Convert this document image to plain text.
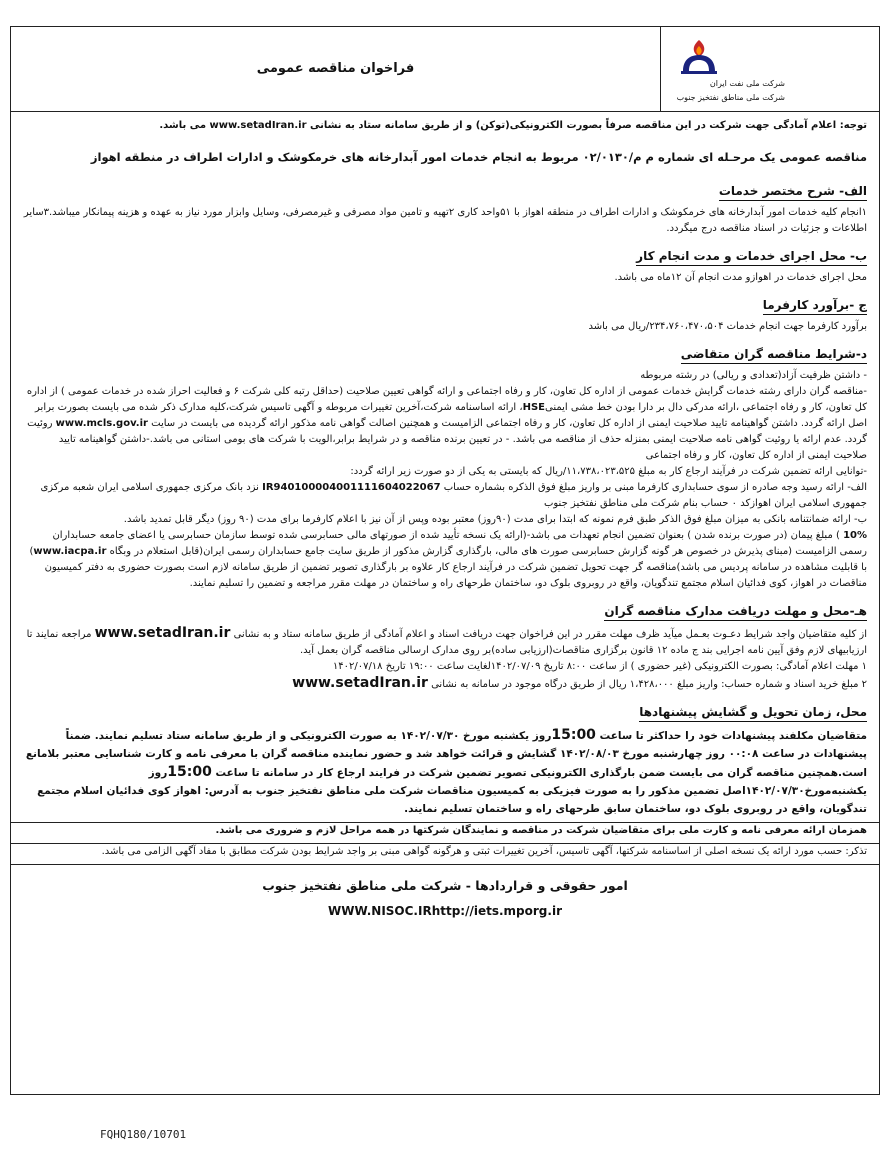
فراخوان مناقصه عمومی
شرکت ملی نفت ایران
شرکت ملی مناطق نفتخیز جنوب

توجه: اعلام آمادگی جهت شرکت در این مناقصه صرفاً بصورت الکترونیکی(توکن) و از طریق سامانه ستاد به نشانی www.setadIran.ir می باشد.

مناقصه عمومی یک مرحـله ای شماره م م/۰۲/۰۱۳۰ مربوط به انجام خدمات امور آبدارخانه های خرمکوشک و ادارات اطراف در منطقه اهواز

الف- شرح مختصر خدمات

۱انجام کلیه خدمات امور آبدارخانه های خرمکوشک و ادارات اطراف در منطقه اهواز با ۵۱واحد کاری ۲تهیه و تامین مواد مصرفی و غیرمصرفی، وسایل وابزار مورد نیاز به عهده و هزینه پیمانکار میباشد.۳سایر اطلاعات و جزئیات در اسناد مناقصه درج میگردد.

ب- محل اجرای خدمات و مدت انجام کار

محل اجرای خدمات در اهوازو مدت انجام آن ۱۲ماه می باشد.

ج -برآورد کارفرما

برآورد کارفرما جهت انجام خدمات ۲۳۴،۷۶۰،۴۷۰،۵۰۴/ریال می باشد

د-شرایط مناقصه گران متقاضی

- داشتن ظرفیت آزاد(تعدادی و ریالی) در رشته مربوطه

-مناقصه گران دارای رشته خدمات گرایش خدمات عمومی از اداره کل تعاون، کار و رفاه اجتماعی و ارائه گواهی تعیین صلاحیت (حداقل رتبه کلی شرکت ۶ و فعالیت احراز شده در خدمات عمومی ) از اداره کل تعاون، کار و رفاه اجتماعی ،ارائه مدرکی دال بر دارا بودن خط مشی ایمنیHSE، ارائه اساسنامه شرکت،آخرین تغییرات مربوطه و آگهی تاسیس شرکت،کلیه مدارک ذکر شده می بایست بصورت برابر اصل ارائه گردد. داشتن گواهینامه تایید صلاحیت ایمنی از اداره کل تعاون، کار و رفاه اجتماعی الزامیست و همچنین اصالت گواهی نامه مذکور ارائه گردیده می بایست در سایت www.mcls.gov.ir روئیت گردد. عدم ارائه یا روئیت گواهی نامه صلاحیت ایمنی بمنزله حذف از مناقصه می باشد. - در تعیین برنده مناقصه و در شرایط برابر،الویت با شرکت های بومی استانی می باشد.-داشتن گواهینامه تایید صلاحیت ایمنی از اداره کل تعاون، کار و رفاه اجتماعی

-توانایی ارائه تضمین شرکت در فرآیند ارجاع کار به مبلغ ۱۱،۷۳۸،۰۲۳،۵۲۵/ریال که بایستی به یکی از دو صورت زیر ارائه گردد:

الف- ارائه رسید وجه صادره از سوی حسابداری کارفرما مبنی بر واریز مبلغ فوق الذکره بشماره حساب IR940100004001111604022067 نزد بانک مرکزی جمهوری اسلامی ایران شعبه مرکزی جمهوری اسلامی ایران اهوازکد ۰ حساب بنام شرکت ملی مناطق نفتخیز جنوب

ب- ارائه ضمانتنامه بانکی به میزان مبلغ فوق الذکر طبق فرم نمونه که ابتدا برای مدت (۹۰روز) معتبر بوده وپس از آن نیز با اعلام کارفرما برای مدت (۹۰ روز) دیگر قابل تمدید باشد.

10% ) مبلغ پیمان (در صورت برنده شدن ) بعنوان تضمین انجام تعهدات می باشد-(ارائه یک نسخه تأیید شده از صورتهای مالی حسابرسی شده توسط سازمان حسابرسی یا اعضای جامعه حسابداران رسمی الزامیست (مبنای پذیرش در خصوص هر گونه گزارش حسابرسی صورت های مالی، بارگذاری گزارش مذکور از طریق سایت جامع حسابداران رسمی ایران(قابل استعلام در وبگاه www.iacpa.ir) با قابلیت مشاهده در سامانه پردیس می باشد)مناقصه گر جهت تحویل تضمین شرکت در فرآیند ارجاع کار علاوه بر بارگذاری تصویر تضمین از طریق سامانه لازم است بصورت حضوری به دفتر کمیسیون مناقصات در اهواز، کوی فدائیان اسلام مجتمع تندگویان، واقع در روبروی بلوک دو، ساختمان طرحهای راه و ساختمان در مهلت مقرر مراجعه و تضمین را تسلیم نمایند.

هـ-محل و مهلت دریافت مدارک مناقصه گران

از کلیه متقاضیان واجد شرایط دعـوت بعـمل میآید ظرف مهلت مقرر در این فراخوان جهت دریافت اسناد و اعلام آمادگی از طریق سامانه ستاد و به نشانی www.setadIran.ir مراجعه نمایند تا ارزیابیهای لازم وفق آیین نامه اجرایی بند ج ماده ۱۲ قانون برگزاری مناقصات(ارزیابی ساده)بر روی مدارک ارسالی مناقصه گران بعمل آید.

۱ مهلت اعلام آمادگی: بصورت الکترونیکی (غیر حضوری ) از ساعت ۸:۰۰ تاریخ ۱۴۰۲/۰۷/۰۹لغایت ساعت ۱۹:۰۰ تاریخ ۱۴۰۲/۰۷/۱۸

۲ مبلغ خرید اسناد و شماره حساب: واریز مبلغ ۱،۴۲۸،۰۰۰ ریال از طریق درگاه موجود در سامانه به نشانی www.setadIran.ir

محل، زمان تحویل و گشایش پیشنهادها

متقاضیان مکلفند پیشنهادات خود را حداکثر تا ساعت 15:00روز یکشنبه مورخ ۱۴۰۲/۰۷/۳۰ به صورت الکترونیکی و از طریق سامانه ستاد تسلیم نمایند. ضمناً پیشنهادات در ساعت ۰۰:۰۸ روز چهارشنبه مورخ ۱۴۰۲/۰۸/۰۳ گشایش و قرائت خواهد شد و حضور نماینده مناقصه گران با معرفی نامه و کارت شناسایی معتبر بلامانع است.همچنین مناقصه گران می بایست ضمن بارگذاری الکترونیکی تصویر تضمین شرکت در فرایند ارجاع کار در سامانه تا ساعت 15:00روز یکشنبه‌مورخ‌۱۴۰۲/۰۷/۳۰اصل تضمین مذکور را به صورت فیزیکی به کمیسیون مناقصات شرکت ملی مناطق نفتخیز جنوب به آدرس: اهواز کوی فدائیان اسلام مجتمع تندگویان، واقع در روبروی بلوک دو، ساختمان سابق طرحهای راه و ساختمان تسلیم نمایند.

همزمان ارائه معرفی نامه و کارت ملی برای متقاضیان شرکت در مناقصه و نمایندگان شرکتها در همه مراحل لازم و ضروری می باشد.

تذکر: حسب مورد ارائه یک نسخه اصلی از اساسنامه شرکتها، آگهی تاسیس، آخرین تغییرات ثبتی و هرگونه گواهی مبنی بر واجد شرایط بودن شرکت مطابق با مفاد آگهی الزامی می باشد.

امور حقوقی و قراردادها - شرکت ملی مناطق نفتخیز جنوب

WWW.NISOC.IRhttp://iets.mporg.ir

FQHQ180/10701
